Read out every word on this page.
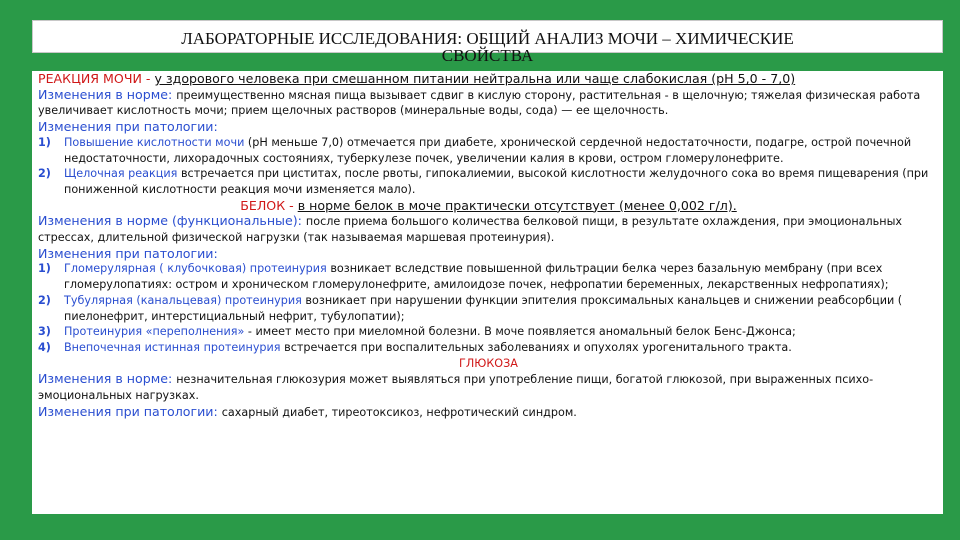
ЛАБОРАТОРНЫЕ ИССЛЕДОВАНИЯ: ОБЩИЙ АНАЛИЗ МОЧИ – ХИМИЧЕСКИЕ
СВОЙСТВА

РЕАКЦИЯ МОЧИ - у здорового человека при смешанном питании нейтральна или чаще слабокислая (рН 5,0 - 7,0)

Изменения в норме: преимущественно мясная пища вызывает сдвиг в кислую сторону, растительная - в щелочную; тяжелая физическая работа увеличивает кислотность мочи; прием щелочных растворов (минеральные воды, сода) — ее щелочность.

Изменения при патологии:

1)	Повышение кислотности мочи (pH меньше 7,0) отмечается при диабете, хронической сердечной недостаточности, подагре, острой почечной недостаточности, лихорадочных состояниях, туберкулезе почек, увеличении калия в крови, остром гломерулонефрите.
2)	Щелочная реакция встречается при циститах, после рвоты, гипокалиемии, высокой кислотности желудочного сока во время пищеварения (при пониженной кислотности реакция мочи изменяется мало).

БЕЛОК - в норме белок в моче практически отсутствует (менее 0,002 г/л).

Изменения в норме (функциональные): после приема большого количества белковой пищи, в результате охлаждения, при эмоциональных стрессах, длительной физической нагрузки (так называемая маршевая протеинурия).

Изменения при патологии:

1)	Гломерулярная ( клубочковая) протеинурия возникает вследствие повышенной фильтрации белка через базальную мембрану (при всех гломерулопатиях: остром и хроническом гломерулонефрите, амилоидозе почек, нефропатии беременных, лекарственных нефропатиях);
2)	Тубулярная (канальцевая) протеинурия возникает при нарушении функции эпителия проксимальных канальцев и снижении реабсорбции ( пиелонефрит, интерстициальный нефрит, тубулопатии);
3)	Протеинурия «переполнения» - имеет место при миеломной болезни. В моче появляется аномальный белок Бенс-Джонса;
4)	Внепочечная истинная протеинурия встречается при воспалительных заболеваниях и опухолях урогенитального тракта.

ГЛЮКОЗА

Изменения в норме: незначительная глюкозурия может выявляться при употребление пищи, богатой глюкозой, при выраженных психо-эмоциональных нагрузках.

Изменения при патологии: сахарный диабет, тиреотоксикоз, нефротический синдром.
